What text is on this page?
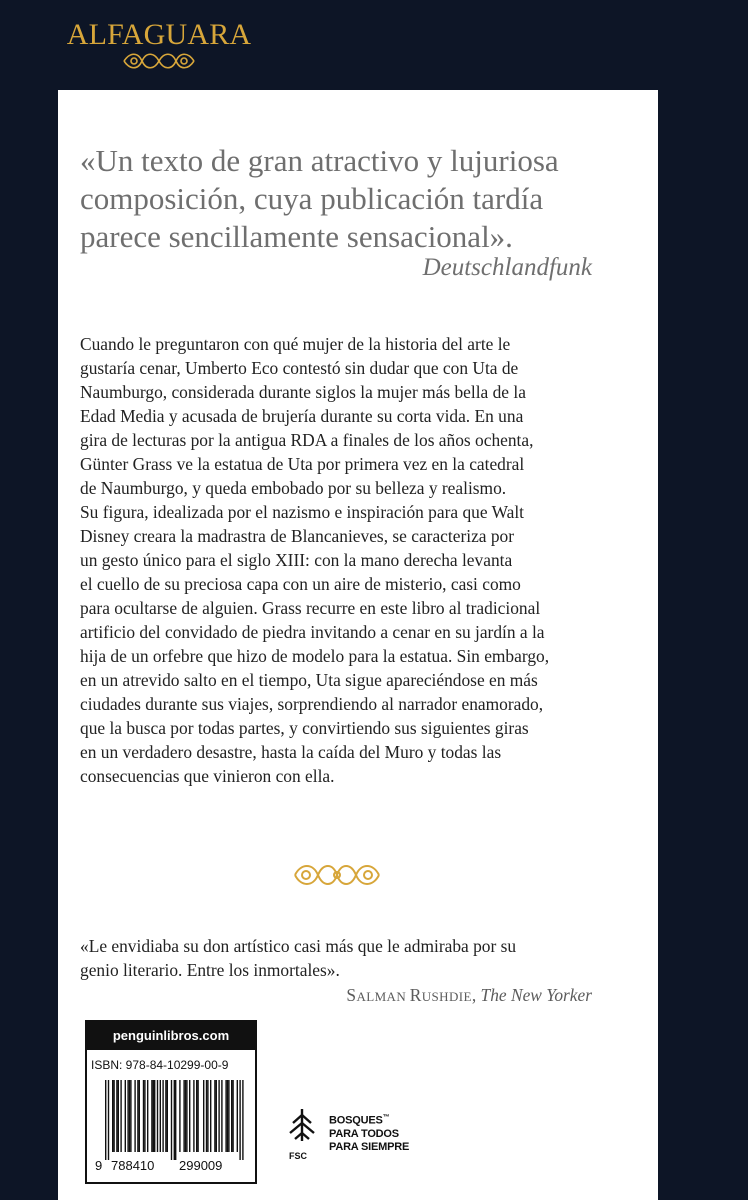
ALFAGUARA
«Un texto de gran atractivo y lujuriosa
composición, cuya publicación tardía
parece sencillamente sensacional».
Deutschlandfunk

Cuando le preguntaron con qué mujer de la historia del arte le

gustaría cenar, Umberto Eco contestó sin dudar que con Uta de

Naumburgo, considerada durante siglos la mujer más bella de la

Edad Media y acusada de brujería durante su corta vida. En una

gira de lecturas por la antigua RDA a finales de los años ochenta,

Günter Grass ve la estatua de Uta por primera vez en la catedral

de Naumburgo, y queda embobado por su belleza y realismo.

Su figura, idealizada por el nazismo e inspiración para que Walt

Disney creara la madrastra de Blancanieves, se caracteriza por

un gesto único para el siglo XIII: con la mano derecha levanta

el cuello de su preciosa capa con un aire de misterio, casi como

para ocultarse de alguien. Grass recurre en este libro al tradicional

artificio del convidado de piedra invitando a cenar en su jardín a la

hija de un orfebre que hizo de modelo para la estatua. Sin embargo,

en un atrevido salto en el tiempo, Uta sigue apareciéndose en más

ciudades durante sus viajes, sorprendiendo al narrador enamorado,

que la busca por todas partes, y convirtiendo sus siguientes giras

en un verdadero desastre, hasta la caída del Muro y todas las

consecuencias que vinieron con ella.

«Le envidiaba su don artístico casi más que le admiraba por su
genio literario. Entre los inmortales».
SALMAN RUSHDIE, The New Yorker
penguinlibros.com
ISBN: 978-84-10299-00-9
9 788410 299009
FSC
BOSQUES™
PARA TODOS
PARA SIEMPRE
